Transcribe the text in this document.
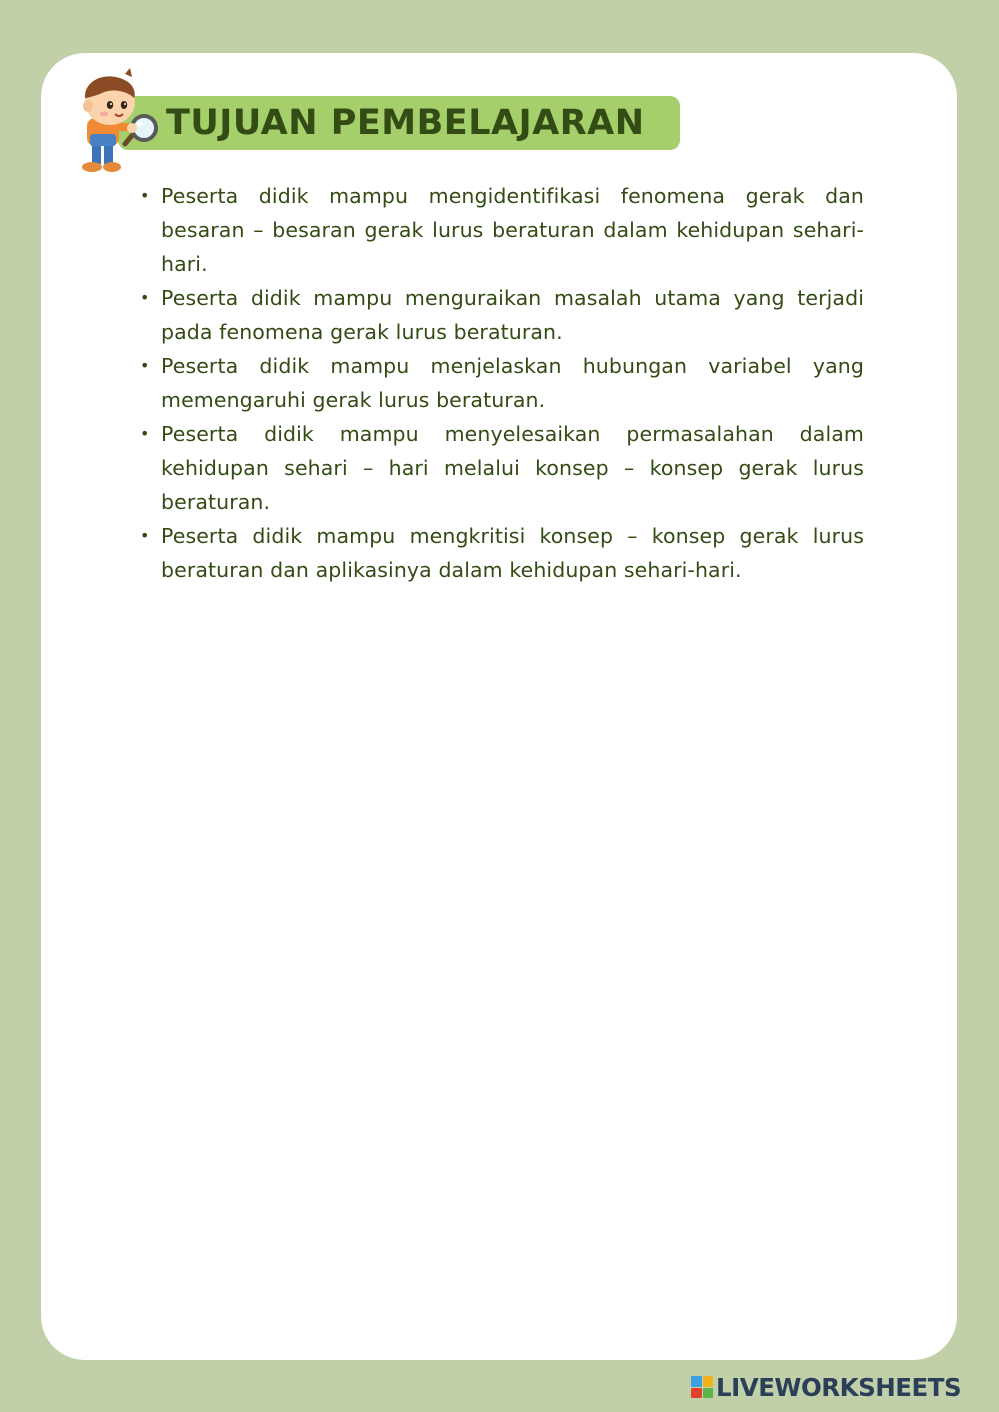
TUJUAN PEMBELAJARAN
• Peserta didik mampu mengidentifikasi fenomena gerak dan besaran – besaran gerak lurus beraturan dalam kehidupan sehari-hari.
• Peserta didik mampu menguraikan masalah utama yang terjadi pada fenomena gerak lurus beraturan.
• Peserta didik mampu menjelaskan hubungan variabel yang memengaruhi gerak lurus beraturan.
• Peserta didik mampu menyelesaikan permasalahan dalam kehidupan sehari – hari melalui konsep – konsep gerak lurus beraturan.
• Peserta didik mampu mengkritisi konsep – konsep gerak lurus beraturan dan aplikasinya dalam kehidupan sehari-hari.
LIVEWORKSHEETS
